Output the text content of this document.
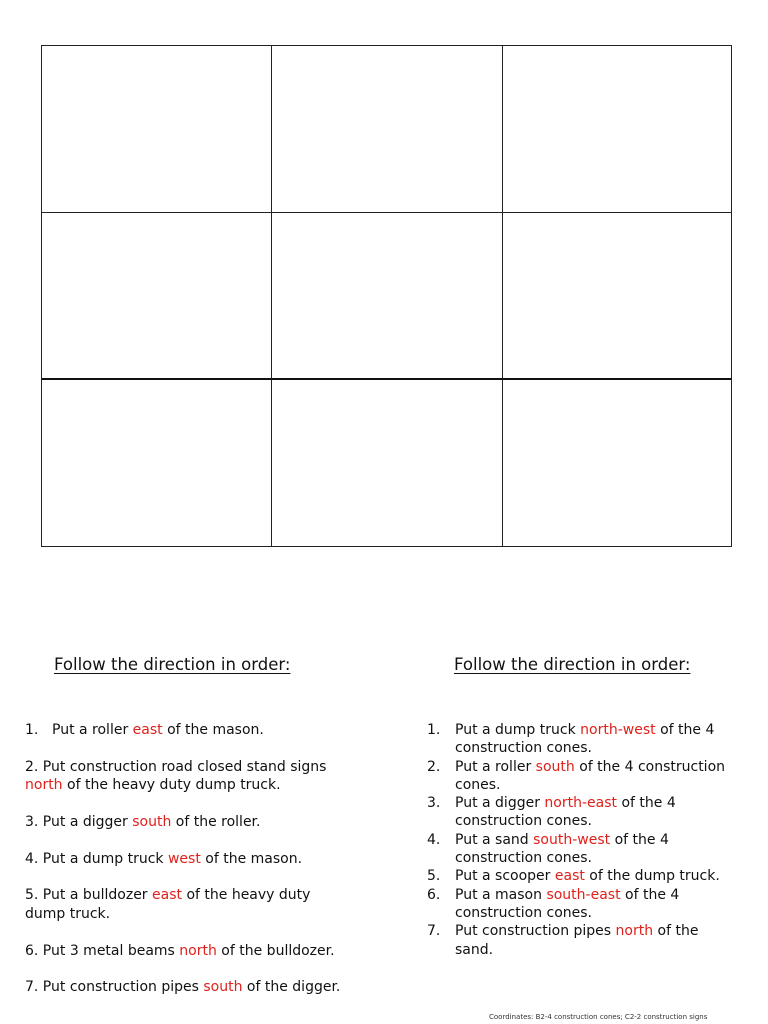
Follow the direction in order:	Follow the direction in order:
1. Put a roller east of the mason.
2. Put construction road closed stand signs north of the heavy duty dump truck.
3. Put a digger south of the roller.
4. Put a dump truck west of the mason.
5. Put a bulldozer east of the heavy duty dump truck.
6. Put 3 metal beams north of the bulldozer.
7. Put construction pipes south of the digger.
1.	Put a dump truck north-west of the 4 construction cones.
2.	Put a roller south of the 4 construction cones.
3.	Put a digger north-east of the 4 construction cones.
4.	Put a sand south-west of the 4 construction cones.
5.	Put a scooper east of the dump truck.
6.	Put a mason south-east of the 4 construction cones.
7.	Put construction pipes north of the sand.
Coordinates: B2-4 construction cones; C2-2 construction signs
